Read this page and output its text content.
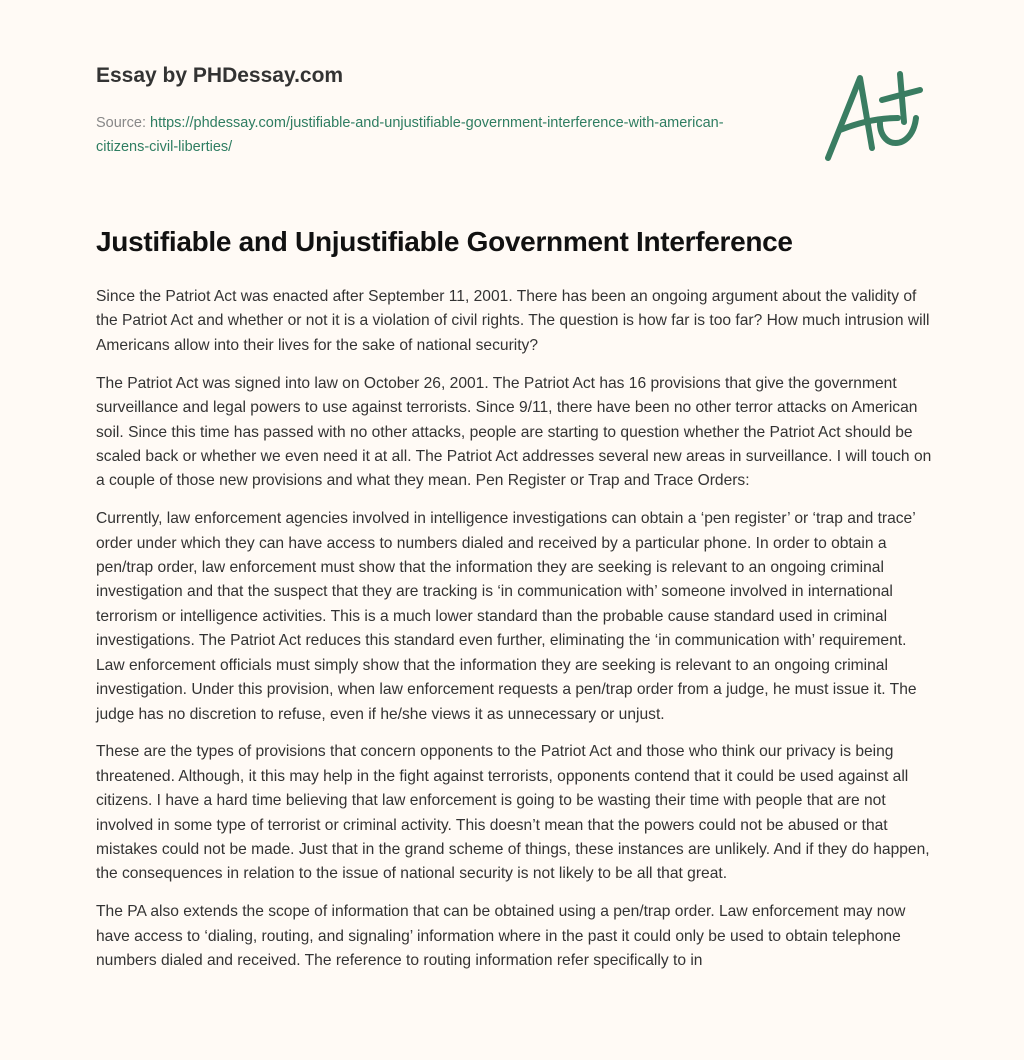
Essay by PHDessay.com
Source: https://phdessay.com/justifiable-and-unjustifiable-government-interference-with-american-citizens-civil-liberties/
Justifiable and Unjustifiable Government Interference

Since the Patriot Act was enacted after September 11, 2001. There has been an ongoing argument about the validity of the Patriot Act and whether or not it is a violation of civil rights. The question is how far is too far? How much intrusion will Americans allow into their lives for the sake of national security?

The Patriot Act was signed into law on October 26, 2001. The Patriot Act has 16 provisions that give the government surveillance and legal powers to use against terrorists. Since 9/11, there have been no other terror attacks on American soil. Since this time has passed with no other attacks, people are starting to question whether the Patriot Act should be scaled back or whether we even need it at all. The Patriot Act addresses several new areas in surveillance. I will touch on a couple of those new provisions and what they mean. Pen Register or Trap and Trace Orders:

Currently, law enforcement agencies involved in intelligence investigations can obtain a ‘pen register’ or ‘trap and trace’ order under which they can have access to numbers dialed and received by a particular phone. In order to obtain a pen/trap order, law enforcement must show that the information they are seeking is relevant to an ongoing criminal investigation and that the suspect that they are tracking is ‘in communication with’ someone involved in international terrorism or intelligence activities. This is a much lower standard than the probable cause standard used in criminal investigations. The Patriot Act reduces this standard even further, eliminating the ‘in communication with’ requirement. Law enforcement officials must simply show that the information they are seeking is relevant to an ongoing criminal investigation. Under this provision, when law enforcement requests a pen/trap order from a judge, he must issue it. The judge has no discretion to refuse, even if he/she views it as unnecessary or unjust.

These are the types of provisions that concern opponents to the Patriot Act and those who think our privacy is being threatened. Although, it this may help in the fight against terrorists, opponents contend that it could be used against all citizens. I have a hard time believing that law enforcement is going to be wasting their time with people that are not involved in some type of terrorist or criminal activity. This doesn’t mean that the powers could not be abused or that mistakes could not be made. Just that in the grand scheme of things, these instances are unlikely. And if they do happen, the consequences in relation to the issue of national security is not likely to be all that great.

The PA also extends the scope of information that can be obtained using a pen/trap order. Law enforcement may now have access to ‘dialing, routing, and signaling’ information where in the past it could only be used to obtain telephone numbers dialed and received. The reference to routing information refer specifically to in
